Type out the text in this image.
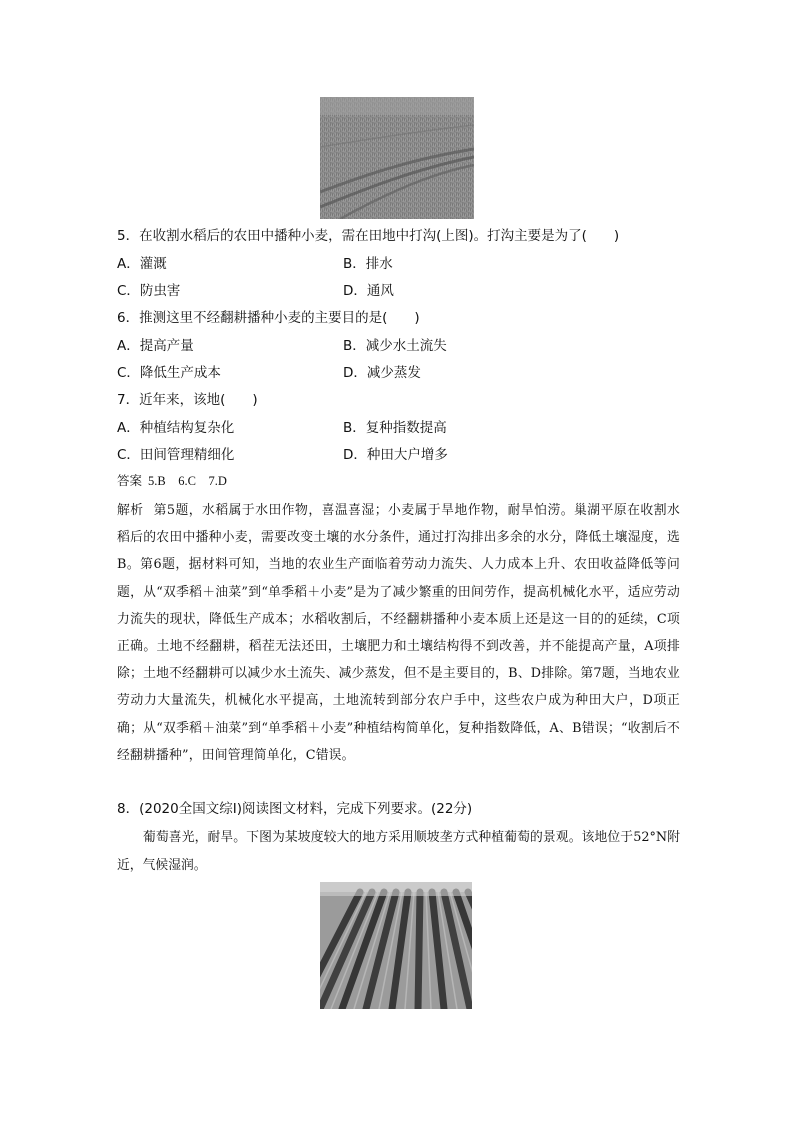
5．在收割水稻后的农田中播种小麦，需在田地中打沟(上图)。打沟主要是为了(　　)
A．灌溉	B．排水
C．防虫害	D．通风
6．推测这里不经翻耕播种小麦的主要目的是(　　)
A．提高产量	B．减少水土流失
C．降低生产成本	D．减少蒸发
7．近年来，该地(　　)
A．种植结构复杂化	B．复种指数提高
C．田间管理精细化	D．种田大户增多
答案 5.B　6.C　7.D
解析 第5题，水稻属于水田作物，喜温喜湿；小麦属于旱地作物，耐旱怕涝。巢湖平原在收割水稻后的农田中播种小麦，需要改变土壤的水分条件，通过打沟排出多余的水分，降低土壤湿度，选B。第6题，据材料可知，当地的农业生产面临着劳动力流失、人力成本上升、农田收益降低等问题，从“双季稻＋油菜”到“单季稻＋小麦”是为了减少繁重的田间劳作，提高机械化水平，适应劳动力流失的现状，降低生产成本；水稻收割后，不经翻耕播种小麦本质上还是这一目的的延续，C项正确。土地不经翻耕，稻茬无法还田，土壤肥力和土壤结构得不到改善，并不能提高产量，A项排除；土地不经翻耕可以减少水土流失、减少蒸发，但不是主要目的，B、D排除。第7题，当地农业劳动力大量流失，机械化水平提高，土地流转到部分农户手中，这些农户成为种田大户，D项正确；从“双季稻＋油菜”到“单季稻＋小麦”种植结构简单化，复种指数降低，A、B错误；“收割后不经翻耕播种”，田间管理简单化，C错误。
8．(2020全国文综Ⅰ)阅读图文材料，完成下列要求。(22分)
葡萄喜光，耐旱。下图为某坡度较大的地方采用顺坡垄方式种植葡萄的景观。该地位于52°N附近，气候湿润。
